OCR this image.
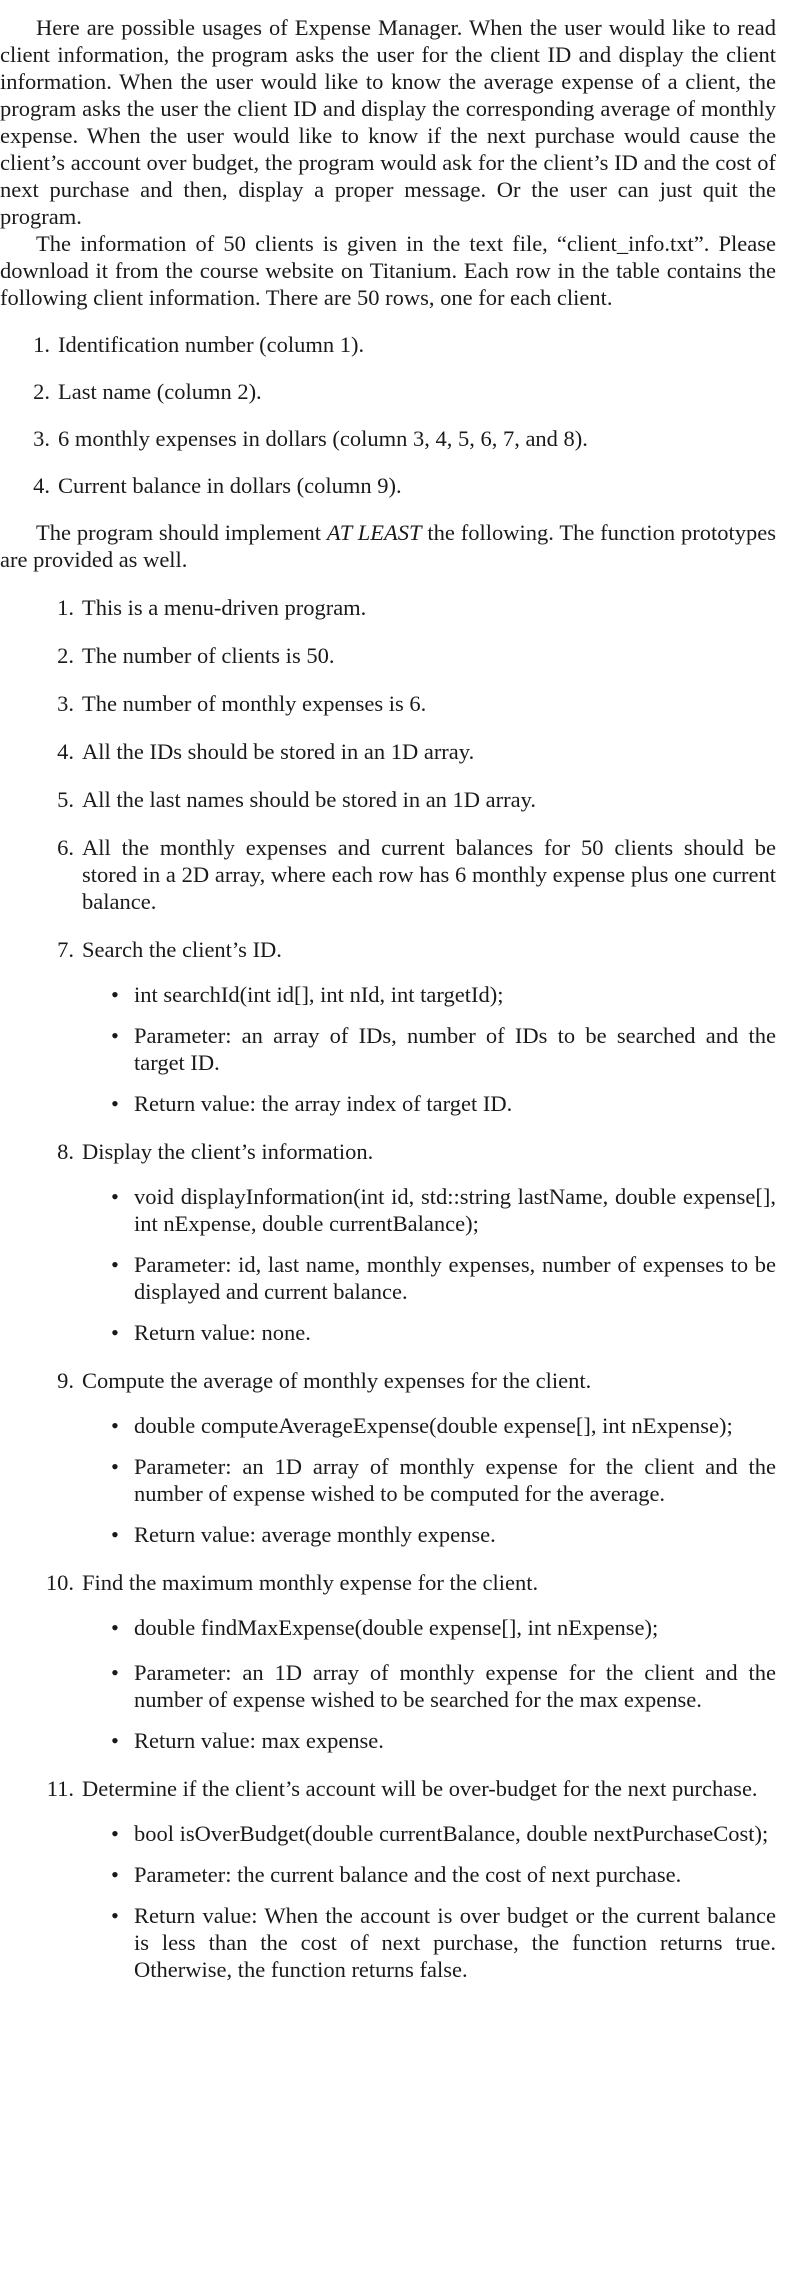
Here are possible usages of Expense Manager. When the user would like to read client information, the program asks the user for the client ID and display the client information. When the user would like to know the average expense of a client, the program asks the user the client ID and display the corresponding average of monthly expense. When the user would like to know if the next purchase would cause the client’s account over budget, the program would ask for the client’s ID and the cost of next purchase and then, display a proper message. Or the user can just quit the program.

The information of 50 clients is given in the text file, “client_info.txt”. Please download it from the course website on Titanium. Each row in the table contains the following client information. There are 50 rows, one for each client.

1. Identification number (column 1).
2. Last name (column 2).
3. 6 monthly expenses in dollars (column 3, 4, 5, 6, 7, and 8).
4. Current balance in dollars (column 9).

The program should implement AT LEAST the following. The function prototypes are provided as well.

1. This is a menu-driven program.
2. The number of clients is 50.
3. The number of monthly expenses is 6.
4. All the IDs should be stored in an 1D array.
5. All the last names should be stored in an 1D array.
6. All the monthly expenses and current balances for 50 clients should be stored in a 2D array, where each row has 6 monthly expense plus one current balance.
7. Search the client’s ID.
• int searchId(int id[], int nId, int targetId);
• Parameter: an array of IDs, number of IDs to be searched and the target ID.
• Return value: the array index of target ID.
8. Display the client’s information.
• void displayInformation(int id, std::string lastName, double expense[], int nExpense, double currentBalance);
• Parameter: id, last name, monthly expenses, number of expenses to be displayed and current balance.
• Return value: none.
9. Compute the average of monthly expenses for the client.
• double computeAverageExpense(double expense[], int nExpense);
• Parameter: an 1D array of monthly expense for the client and the number of expense wished to be computed for the average.
• Return value: average monthly expense.
10. Find the maximum monthly expense for the client.
• double findMaxExpense(double expense[], int nExpense);
• Parameter: an 1D array of monthly expense for the client and the number of expense wished to be searched for the max expense.
• Return value: max expense.
11. Determine if the client’s account will be over-budget for the next purchase.
• bool isOverBudget(double currentBalance, double nextPurchaseCost);
• Parameter: the current balance and the cost of next purchase.
• Return value: When the account is over budget or the current balance is less than the cost of next purchase, the function returns true. Otherwise, the function returns false.
